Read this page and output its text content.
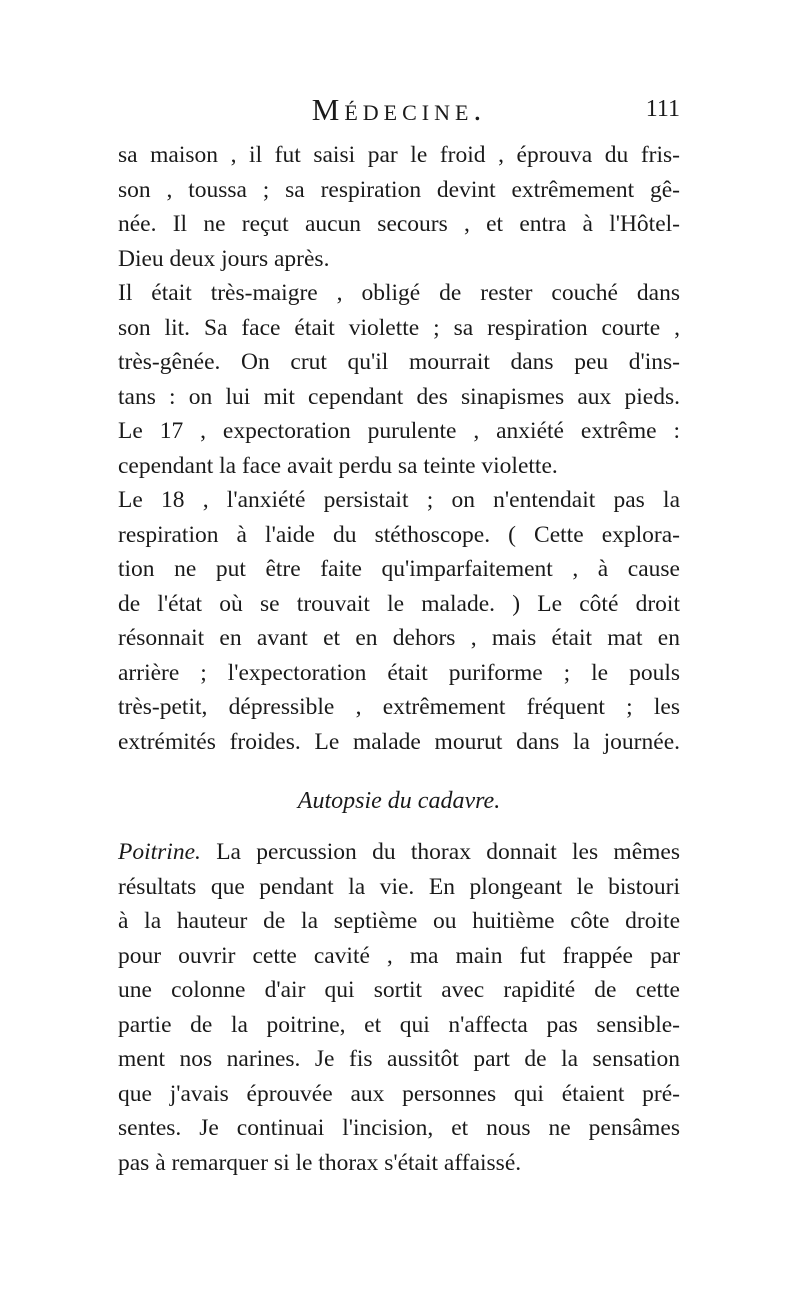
Médecine.	111
sa maison , il fut saisi par le froid , éprouva du fris-
son , toussa ; sa respiration devint extrêmement gê-
née. Il ne reçut aucun secours , et entra à l'Hôtel-
Dieu deux jours après.
Il était très-maigre , obligé de rester couché dans
son lit. Sa face était violette ; sa respiration courte ,
très-gênée. On crut qu'il mourrait dans peu d'ins-
tans : on lui mit cependant des sinapismes aux pieds.
Le 17 , expectoration purulente , anxiété extrême :
cependant la face avait perdu sa teinte violette.
Le 18 , l'anxiété persistait ; on n'entendait pas la
respiration à l'aide du stéthoscope. ( Cette explora-
tion ne put être faite qu'imparfaitement , à cause
de l'état où se trouvait le malade. ) Le côté droit
résonnait en avant et en dehors , mais était mat en
arrière ; l'expectoration était puriforme ; le pouls
très-petit, dépressible , extrêmement fréquent ; les
extrémités froides. Le malade mourut dans la journée.
Autopsie du cadavre.
Poitrine. La percussion du thorax donnait les mêmes
résultats que pendant la vie. En plongeant le bistouri
à la hauteur de la septième ou huitième côte droite
pour ouvrir cette cavité , ma main fut frappée par
une colonne d'air qui sortit avec rapidité de cette
partie de la poitrine, et qui n'affecta pas sensible-
ment nos narines. Je fis aussitôt part de la sensation
que j'avais éprouvée aux personnes qui étaient pré-
sentes. Je continuai l'incision, et nous ne pensâmes
pas à remarquer si le thorax s'était affaissé.
